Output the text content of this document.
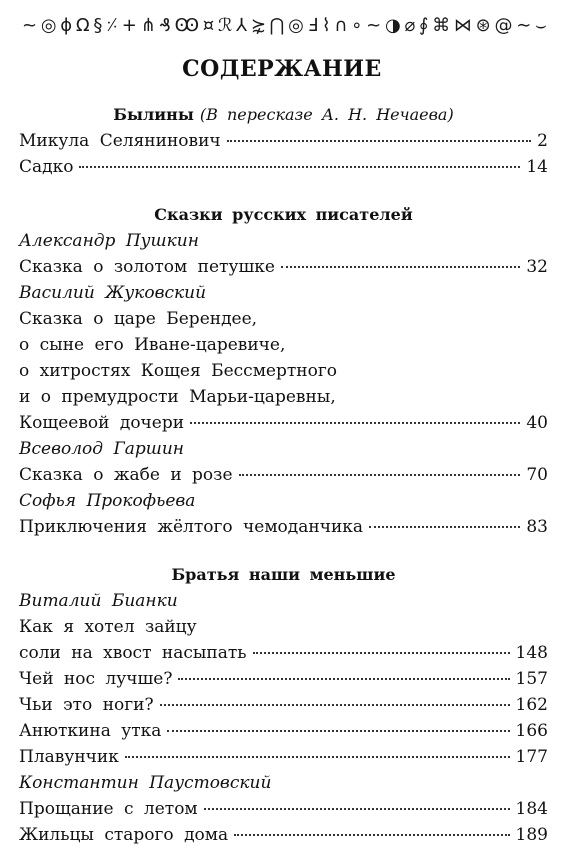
~ ◎ ϕ Ω § ⸓ + ⋔ ₰ Ꙭ ¤ ℛ ⅄ ⋩ ⋂ ◎ Ⅎ ⌇ ∩ ∘ ~ ◑ ⌀ ∮ ⌘ ⋈ ⊛ @ ∼ ⌣
СОДЕРЖАНИЕ
Былины (В пересказе А. Н. Нечаева)
Микула Селянинович	2
Садко	14
Сказки русских писателей
Александр Пушкин
Сказка о золотом петушке	32
Василий Жуковский
Сказка о царе Берендее,
о сыне его Иване-царевиче,
о хитростях Кощея Бессмертного
и о премудрости Марьи-царевны,
Кощеевой дочери	40
Всеволод Гаршин
Сказка о жабе и розе	70
Софья Прокофьева
Приключения жёлтого чемоданчика	83
Братья наши меньшие
Виталий Бианки
Как я хотел зайцу
соли на хвост насыпать	148
Чей нос лучше?	157
Чьи это ноги?	162
Анюткина утка	166
Плавунчик	177
Константин Паустовский
Прощание с летом	184
Жильцы старого дома	189
